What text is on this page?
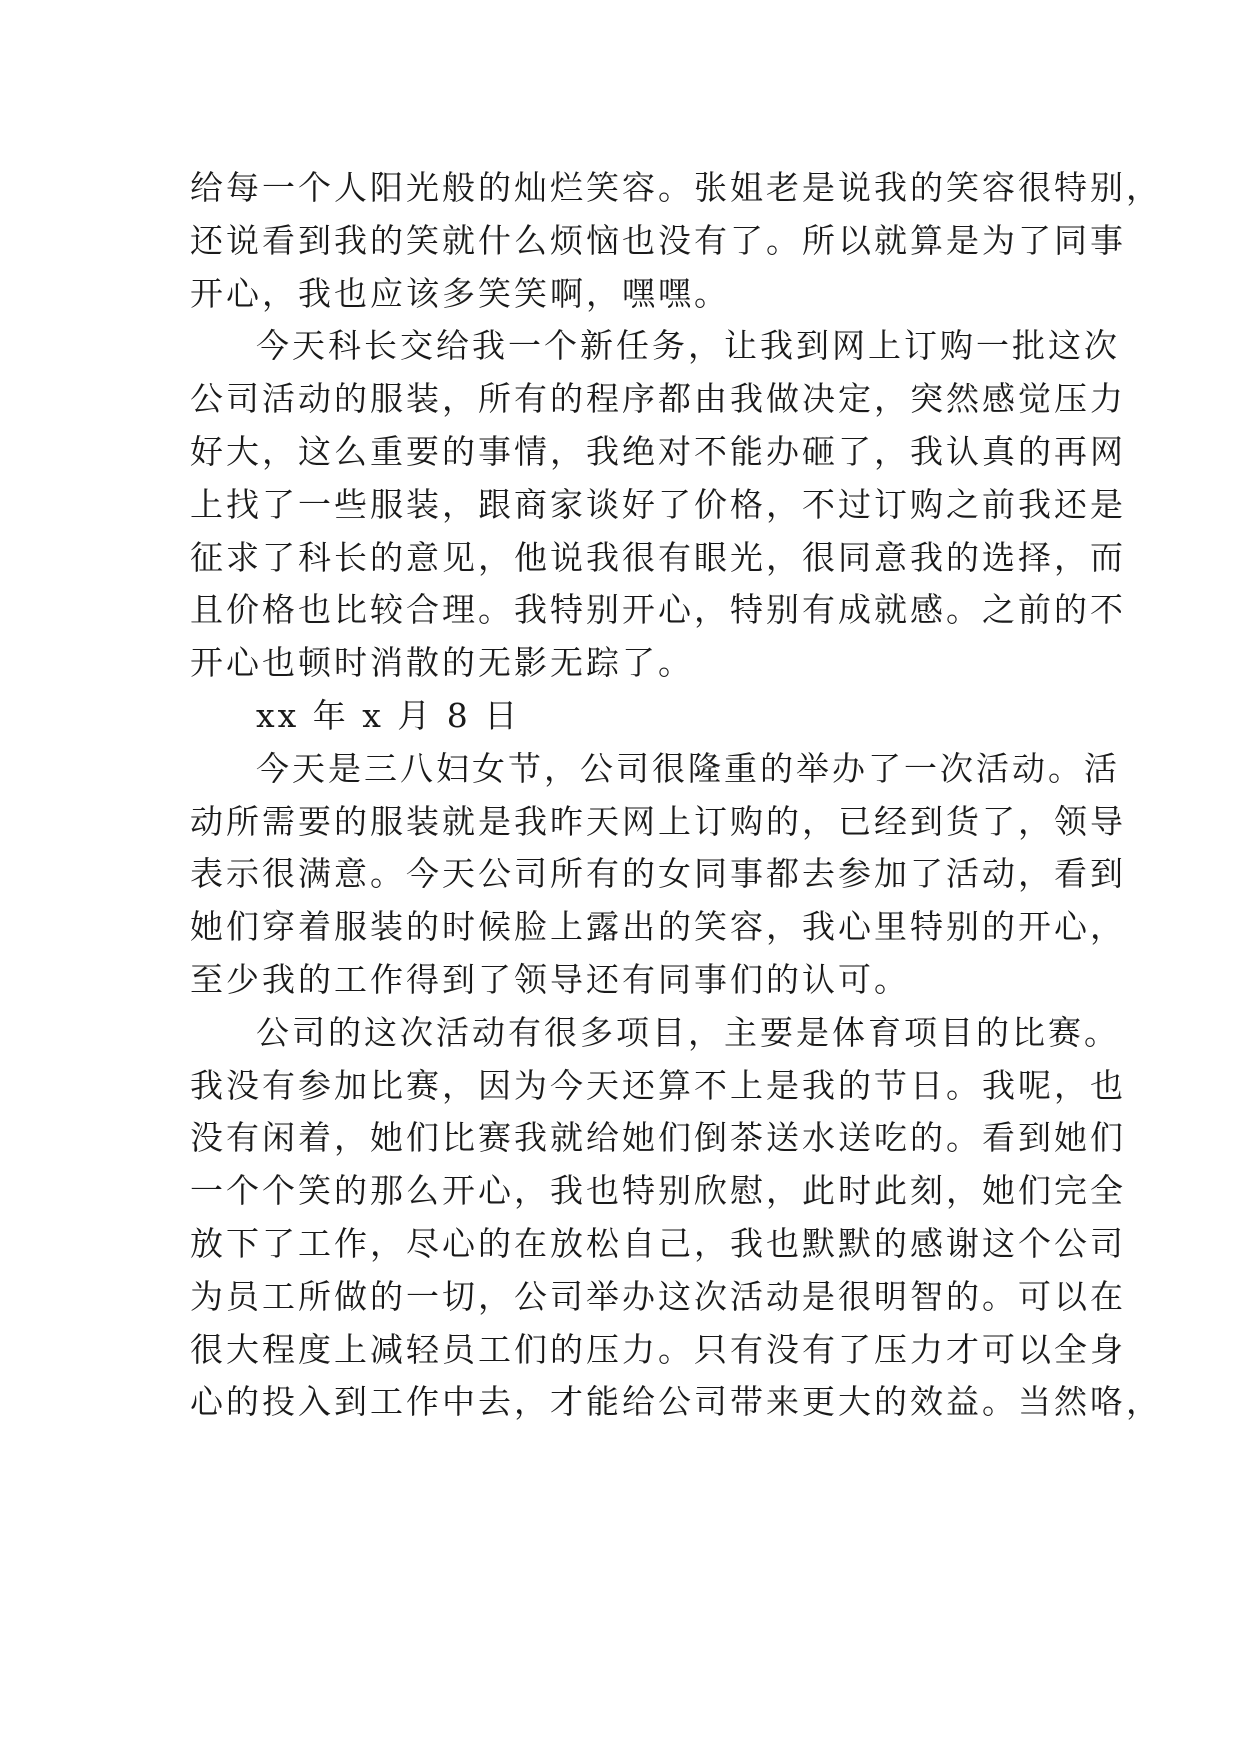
给每一个人阳光般的灿烂笑容。张姐老是说我的笑容很特别，
还说看到我的笑就什么烦恼也没有了。所以就算是为了同事
开心，我也应该多笑笑啊，嘿嘿。
今天科长交给我一个新任务，让我到网上订购一批这次
公司活动的服装，所有的程序都由我做决定，突然感觉压力
好大，这么重要的事情，我绝对不能办砸了，我认真的再网
上找了一些服装，跟商家谈好了价格，不过订购之前我还是
征求了科长的意见，他说我很有眼光，很同意我的选择，而
且价格也比较合理。我特别开心，特别有成就感。之前的不
开心也顿时消散的无影无踪了。
xx 年 x 月 8 日
今天是三八妇女节，公司很隆重的举办了一次活动。活
动所需要的服装就是我昨天网上订购的，已经到货了，领导
表示很满意。今天公司所有的女同事都去参加了活动，看到
她们穿着服装的时候脸上露出的笑容，我心里特别的开心，
至少我的工作得到了领导还有同事们的认可。
公司的这次活动有很多项目，主要是体育项目的比赛。
我没有参加比赛，因为今天还算不上是我的节日。我呢，也
没有闲着，她们比赛我就给她们倒茶送水送吃的。看到她们
一个个笑的那么开心，我也特别欣慰，此时此刻，她们完全
放下了工作，尽心的在放松自己，我也默默的感谢这个公司
为员工所做的一切，公司举办这次活动是很明智的。可以在
很大程度上减轻员工们的压力。只有没有了压力才可以全身
心的投入到工作中去，才能给公司带来更大的效益。当然咯，
